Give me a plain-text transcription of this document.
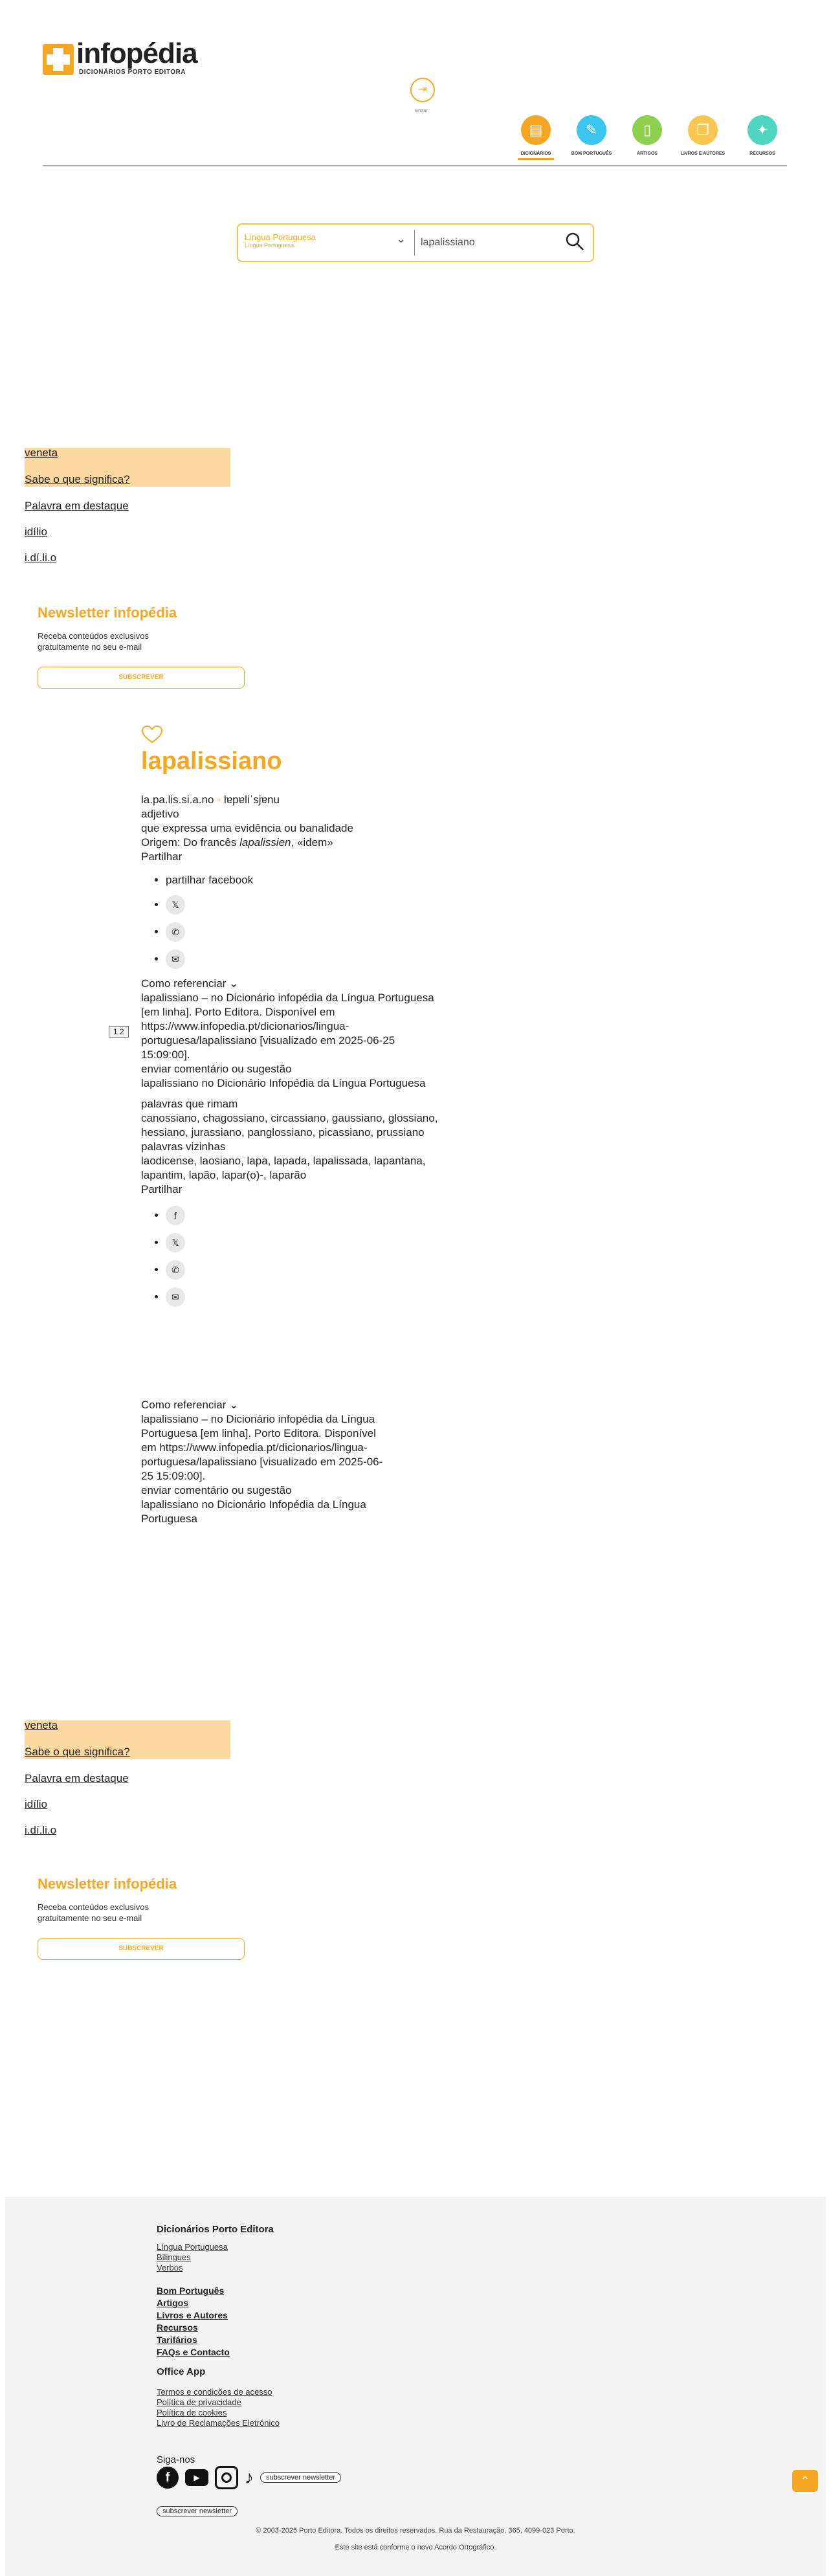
infopédia
DICIONÁRIOS PORTO EDITORA
⇥
Entrar
▤
DICIONÁRIOS
✎
BOM PORTUGUÊS
▯
ARTIGOS
❐
LIVROS E AUTORES
✦
RECURSOS
Língua Portuguesa
Língua Portuguesa	⌄
lapalissiano
veneta
Sabe o que significa?
Palavra em destaque
idílio
i.dí.li.o
Newsletter infopédia
Receba conteúdos exclusivos gratuitamente no seu e-mail
SUBSCREVER
lapalissiano
la.pa.lis.si.a.no ◦ lɐpɐliˈsjɐnu
adjetivo
que expressa uma evidência ou banalidade
Origem: Do francês lapalissien, «idem»
Partilhar
• partilhar facebook
• 𝕏
• ✆
• ✉
Como referenciar ⌄
lapalissiano – no Dicionário infopédia da Língua Portuguesa [em linha]. Porto Editora. Disponível em https://www.infopedia.pt/dicionarios/lingua-portuguesa/lapalissiano [visualizado em 2025-06-25 15:09:00].
enviar comentário ou sugestão
lapalissiano no Dicionário Infopédia da Língua Portuguesa
palavras que rimam
canossiano, chagossiano, circassiano, gaussiano, glossiano, hessiano, jurassiano, panglossiano, picassiano, prussiano
palavras vizinhas
laodicense, laosiano, lapa, lapada, lapalissada, lapantana, lapantim, lapão, lapar(o)-, laparão
Partilhar
• f
• 𝕏
• ✆
• ✉
1 2
Como referenciar ⌄
lapalissiano – no Dicionário infopédia da Língua Portuguesa [em linha]. Porto Editora. Disponível em https://www.infopedia.pt/dicionarios/lingua-portuguesa/lapalissiano [visualizado em 2025-06-25 15:09:00].
enviar comentário ou sugestão
lapalissiano no Dicionário Infopédia da Língua Portuguesa
veneta
Sabe o que significa?
Palavra em destaque
idílio
i.dí.li.o
Newsletter infopédia
Receba conteúdos exclusivos gratuitamente no seu e-mail
SUBSCREVER
Dicionários Porto Editora
Língua Portuguesa
Bilingues
Verbos
Bom Português
Artigos
Livros e Autores
Recursos
Tarifários
FAQs e Contacto
Office App
Termos e condições de acesso
Política de privacidade
Política de cookies
Livro de Reclamações Eletrónico
Siga-nos
f	▶	♪	subscrever newsletter
subscrever newsletter
© 2003-2025 Porto Editora. Todos os direitos reservados. Rua da Restauração, 365, 4099-023 Porto.
Este site está conforme o novo Acordo Ortográfico.
⌃
